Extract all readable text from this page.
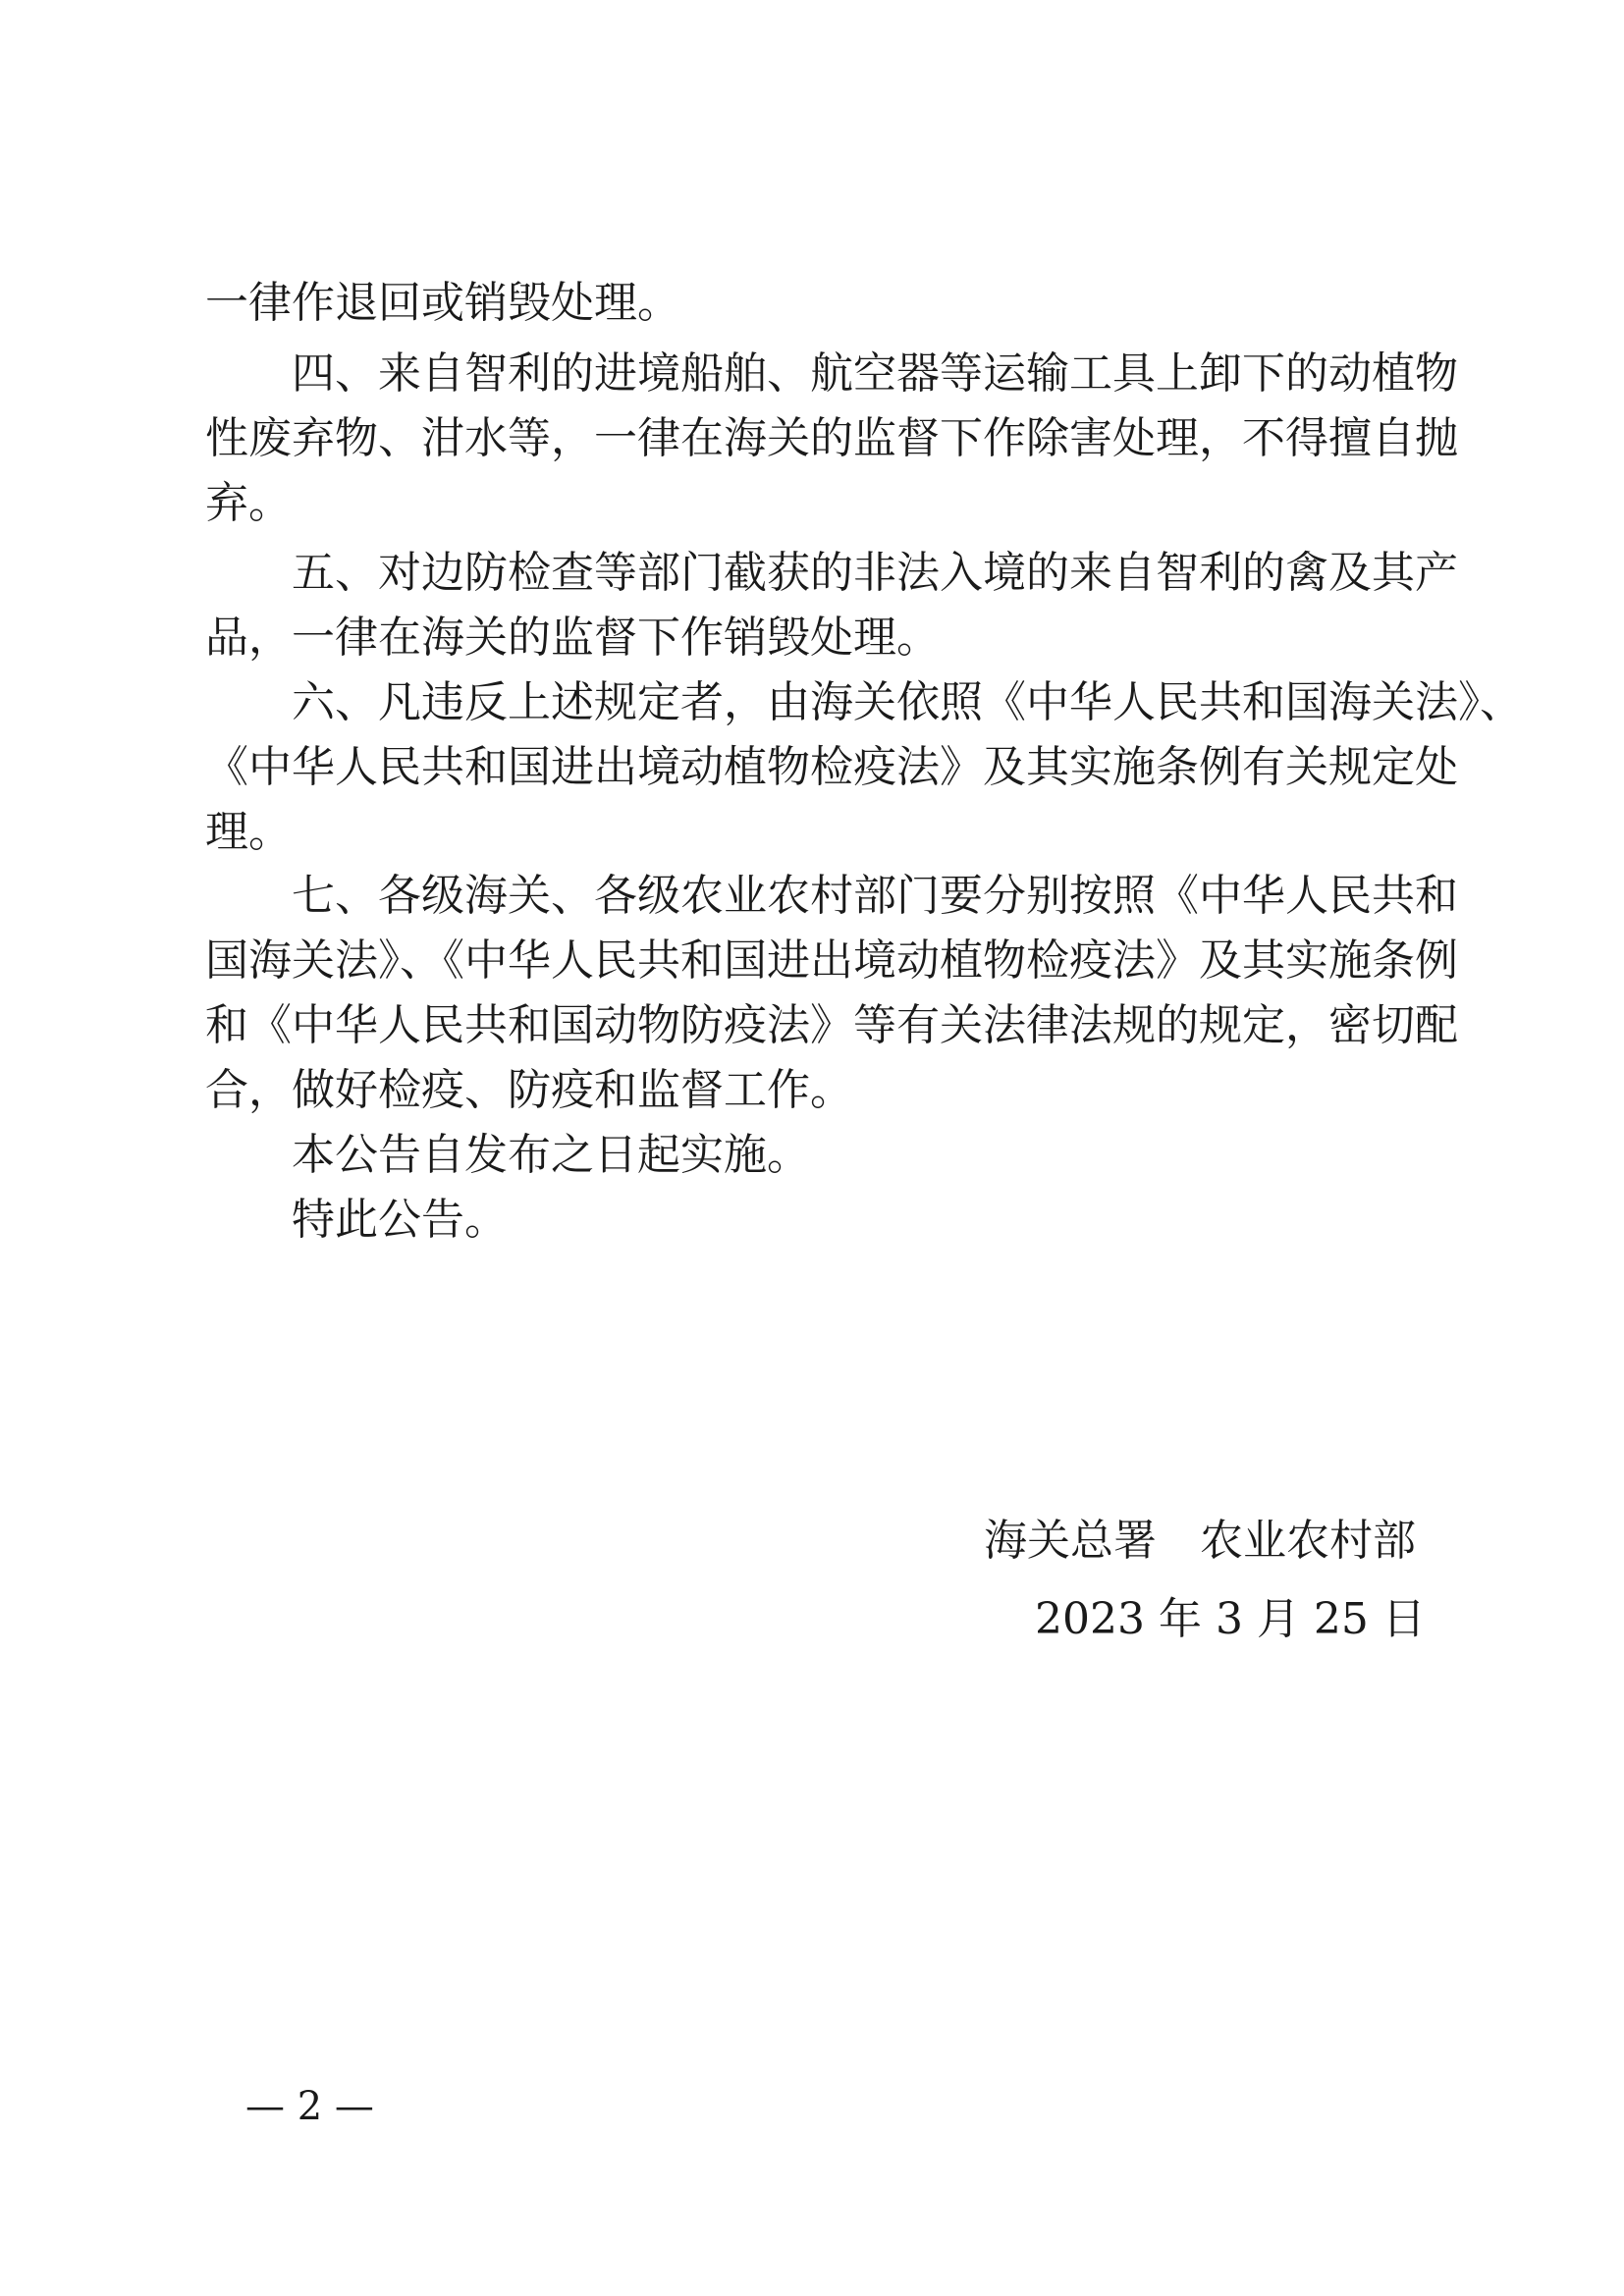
一律作退回或销毁处理。
四、来自智利的进境船舶、航空器等运输工具上卸下的动植物
性废弃物、泔水等，一律在海关的监督下作除害处理，不得擅自抛
弃。
五、对边防检查等部门截获的非法入境的来自智利的禽及其产
品，一律在海关的监督下作销毁处理。
六、凡违反上述规定者，由海关依照《中华人民共和国海关法》、
《中华人民共和国进出境动植物检疫法》及其实施条例有关规定处
理。
七、各级海关、各级农业农村部门要分别按照《中华人民共和
国海关法》、《中华人民共和国进出境动植物检疫法》及其实施条例
和《中华人民共和国动物防疫法》等有关法律法规的规定，密切配
合，做好检疫、防疫和监督工作。
本公告自发布之日起实施。
特此公告。
海关总署　农业农村部
2023 年 3 月 25 日
— 2 —
